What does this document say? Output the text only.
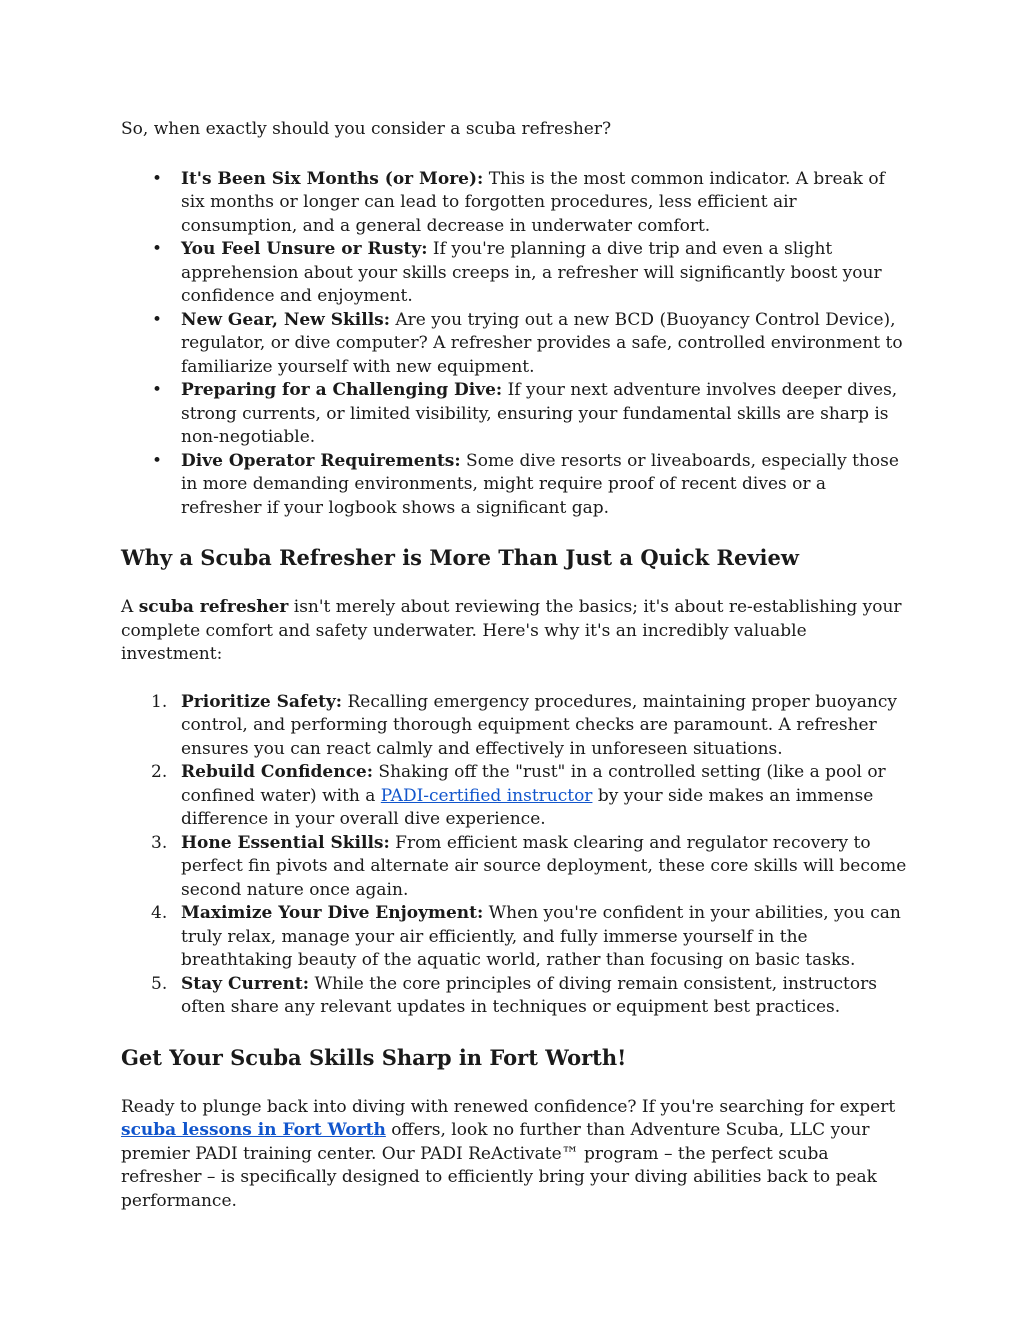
So, when exactly should you consider a scuba refresher?

• It's Been Six Months (or More): This is the most common indicator. A break of six months or longer can lead to forgotten procedures, less efficient air consumption, and a general decrease in underwater comfort.
• You Feel Unsure or Rusty: If you're planning a dive trip and even a slight apprehension about your skills creeps in, a refresher will significantly boost your confidence and enjoyment.
• New Gear, New Skills: Are you trying out a new BCD (Buoyancy Control Device), regulator, or dive computer? A refresher provides a safe, controlled environment to familiarize yourself with new equipment.
• Preparing for a Challenging Dive: If your next adventure involves deeper dives, strong currents, or limited visibility, ensuring your fundamental skills are sharp is non-negotiable.
• Dive Operator Requirements: Some dive resorts or liveaboards, especially those in more demanding environments, might require proof of recent dives or a refresher if your logbook shows a significant gap.
Why a Scuba Refresher is More Than Just a Quick Review

A scuba refresher isn't merely about reviewing the basics; it's about re-establishing your complete comfort and safety underwater. Here's why it's an incredibly valuable investment:

1. Prioritize Safety: Recalling emergency procedures, maintaining proper buoyancy control, and performing thorough equipment checks are paramount. A refresher ensures you can react calmly and effectively in unforeseen situations.
2. Rebuild Confidence: Shaking off the "rust" in a controlled setting (like a pool or confined water) with a PADI-certified instructor by your side makes an immense difference in your overall dive experience.
3. Hone Essential Skills: From efficient mask clearing and regulator recovery to perfect fin pivots and alternate air source deployment, these core skills will become second nature once again.
4. Maximize Your Dive Enjoyment: When you're confident in your abilities, you can truly relax, manage your air efficiently, and fully immerse yourself in the breathtaking beauty of the aquatic world, rather than focusing on basic tasks.
5. Stay Current: While the core principles of diving remain consistent, instructors often share any relevant updates in techniques or equipment best practices.
Get Your Scuba Skills Sharp in Fort Worth!

Ready to plunge back into diving with renewed confidence? If you're searching for expert scuba lessons in Fort Worth offers, look no further than Adventure Scuba, LLC your premier PADI training center. Our PADI ReActivate™ program – the perfect scuba refresher – is specifically designed to efficiently bring your diving abilities back to peak performance.
